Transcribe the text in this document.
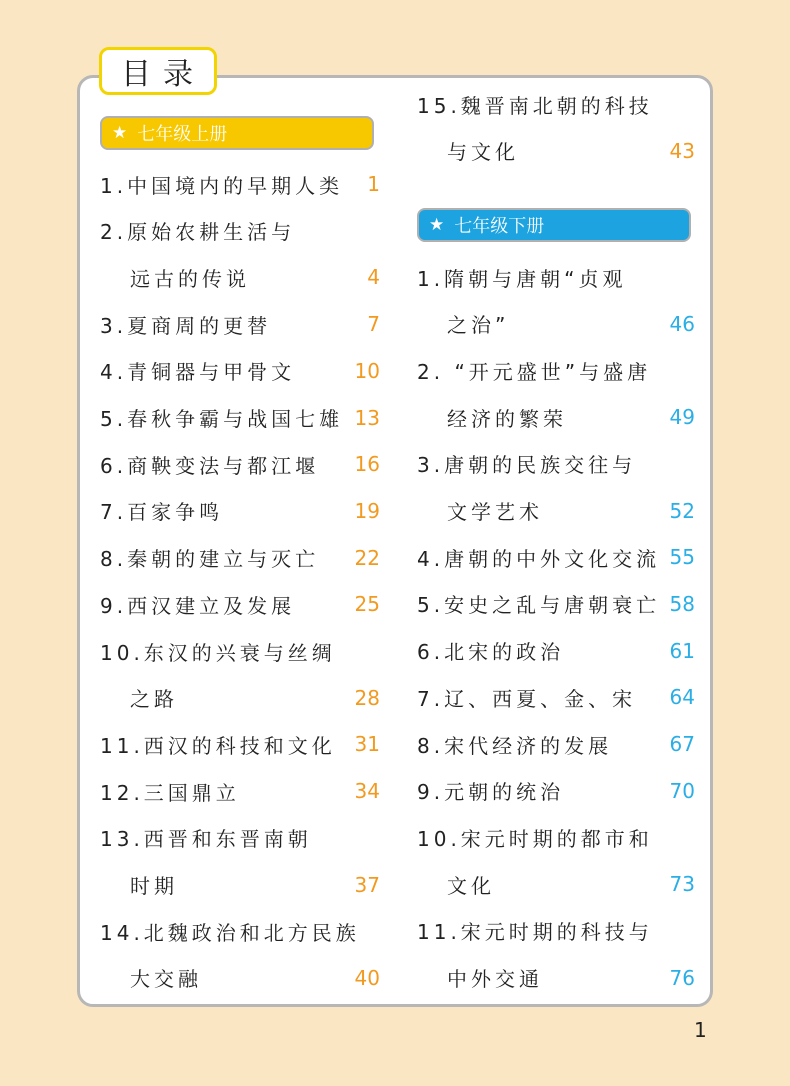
目录
★ 七年级上册
1.中国境内的早期人类 1
2.原始农耕生活与
远古的传说	4
3.夏商周的更替	7
4.青铜器与甲骨文	10
5.春秋争霸与战国七雄 13
6.商鞅变法与都江堰 16
7.百家争鸣	19
8.秦朝的建立与灭亡 22
9.西汉建立及发展	25
10.东汉的兴衰与丝绸
之路	28
11.西汉的科技和文化 31
12.三国鼎立	34
13.西晋和东晋南朝
时期	37
14.北魏政治和北方民族
大交融	40
★ 七年级下册
15.魏晋南北朝的科技
与文化	43
1.隋朝与唐朝“贞观
之治”	46
2. “开元盛世”与盛唐
经济的繁荣	49
3.唐朝的民族交往与
文学艺术	52
4.唐朝的中外文化交流 55
5.安史之乱与唐朝衰亡 58
6.北宋的政治	61
7.辽、西夏、金、宋 64
8.宋代经济的发展	67
9.元朝的统治	70
10.宋元时期的都市和
文化	73
11.宋元时期的科技与
中外交通	76
1
